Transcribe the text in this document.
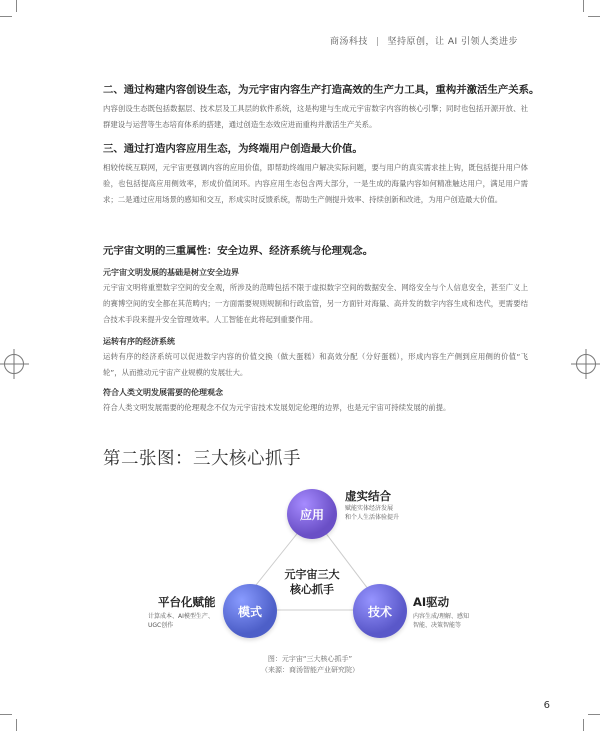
商汤科技 | 坚持原创，让 AI 引领人类进步

二、通过构建内容创设生态，为元宇宙内容生产打造高效的生产力工具，重构并激活生产关系。

内容创设生态既包括数据层、技术层及工具层的软件系统，这是构建与生成元宇宙数字内容的核心引擎；同时也包括开源开放、社群建设与运营等生态培育体系的搭建，通过创造生态效应进而重构并激活生产关系。

三、通过打造内容应用生态，为终端用户创造最大价值。

相较传统互联网，元宇宙更强调内容的应用价值，即帮助终端用户解决实际问题，要与用户的真实需求挂上钩，既包括提升用户体验，也包括提高应用侧效率，形成价值闭环。内容应用生态包含两大部分，一是生成的海量内容如何精准触达用户，满足用户需求；二是通过应用场景的感知和交互，形成实时反馈系统，帮助生产侧提升效率、持续创新和改进，为用户创造最大价值。

元宇宙文明的三重属性：安全边界、经济系统与伦理观念。

元宇宙文明发展的基础是树立安全边界

元宇宙文明将重塑数字空间的安全观，所涉及的范畴包括不限于虚拟数字空间的数据安全、网络安全与个人信息安全，甚至广义上的赛博空间的安全都在其范畴内；一方面需要规则规制和行政监管，另一方面针对海量、高并发的数字内容生成和迭代，更需要结合技术手段来提升安全管理效率。人工智能在此将起到重要作用。

运转有序的经济系统

运转有序的经济系统可以促进数字内容的价值交换（做大蛋糕）和高效分配（分好蛋糕），形成内容生产侧到应用侧的价值“飞轮”，从而推动元宇宙产业规模的发展壮大。

符合人类文明发展需要的伦理观念

符合人类文明发展需要的伦理观念不仅为元宇宙技术发展划定伦理的边界，也是元宇宙可持续发展的前提。

第二张图：三大核心抓手

应用
模式	技术
元宇宙三大
核心抓手
虚实结合
赋能实体经济发展
和个人生活体验提升
平台化赋能
计算成本、AI模型生产、
UGC创作
AI驱动
内容生成/理解、感知
智能、决策智能等
图：元宇宙“三大核心抓手”
（来源：商汤智能产业研究院）
6
